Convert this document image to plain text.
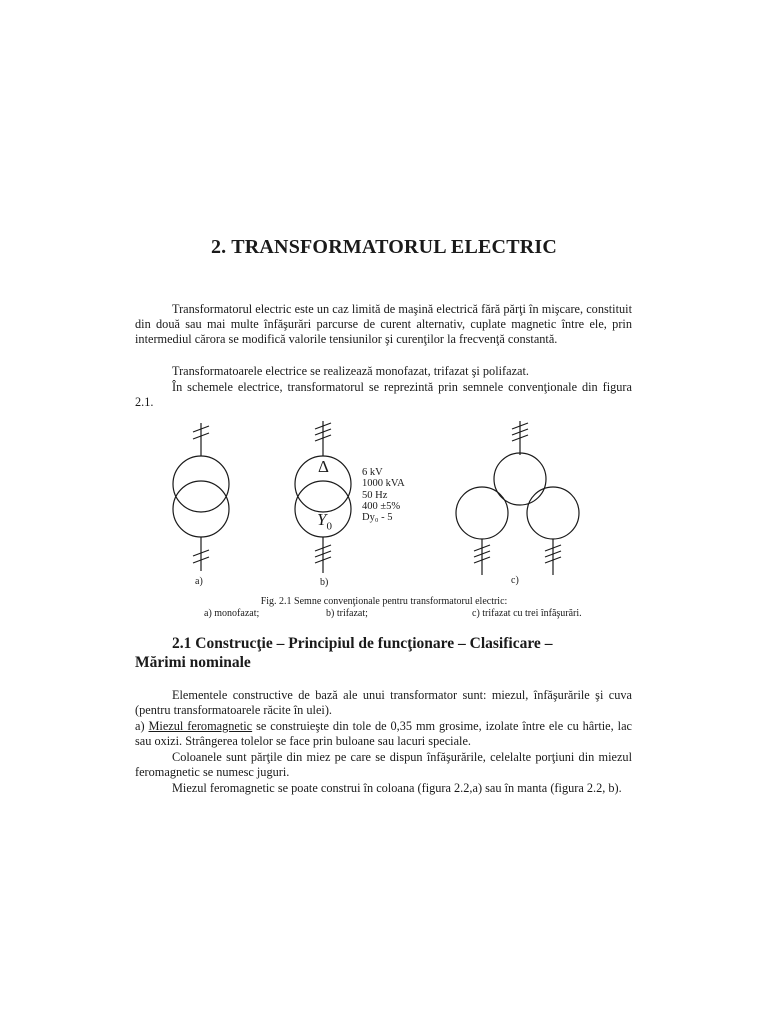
2. TRANSFORMATORUL ELECTRIC

Transformatorul electric este un caz limită de maşină electrică fără părţi în mişcare, constituit din două sau mai multe înfăşurări parcurse de curent alternativ, cuplate magnetic între ele, prin intermediul cărora se modifică valorile tensiunilor şi curenţilor la frecvenţă constantă.

Transformatoarele electrice se realizează monofazat, trifazat şi polifazat.

În schemele electrice, transformatorul se reprezintă prin semnele convenţionale din figura 2.1.

Δ
$Y_0$
6 kV
1000 kVA
50 Hz
400 ±5%
Dy₀ - 5
a)	b)	c)
Fig. 2.1 Semne convenţionale pentru transformatorul electric:
a) monofazat;	b) trifazat;	c) trifazat cu trei înfăşurări.
2.1 Construcţie – Principiul de funcţionare – Clasificare –
Mărimi nominale

Elementele constructive de bază ale unui transformator sunt: miezul, înfăşurările şi cuva (pentru transformatoarele răcite în ulei).

a) Miezul feromagnetic se construieşte din tole de 0,35 mm grosime, izolate între ele cu hârtie, lac sau oxizi. Strângerea tolelor se face prin buloane sau lacuri speciale.

Coloanele sunt părţile din miez pe care se dispun înfăşurările, celelalte porţiuni din miezul feromagnetic se numesc juguri.

Miezul feromagnetic se poate construi în coloana (figura 2.2,a) sau în manta (figura 2.2, b).
